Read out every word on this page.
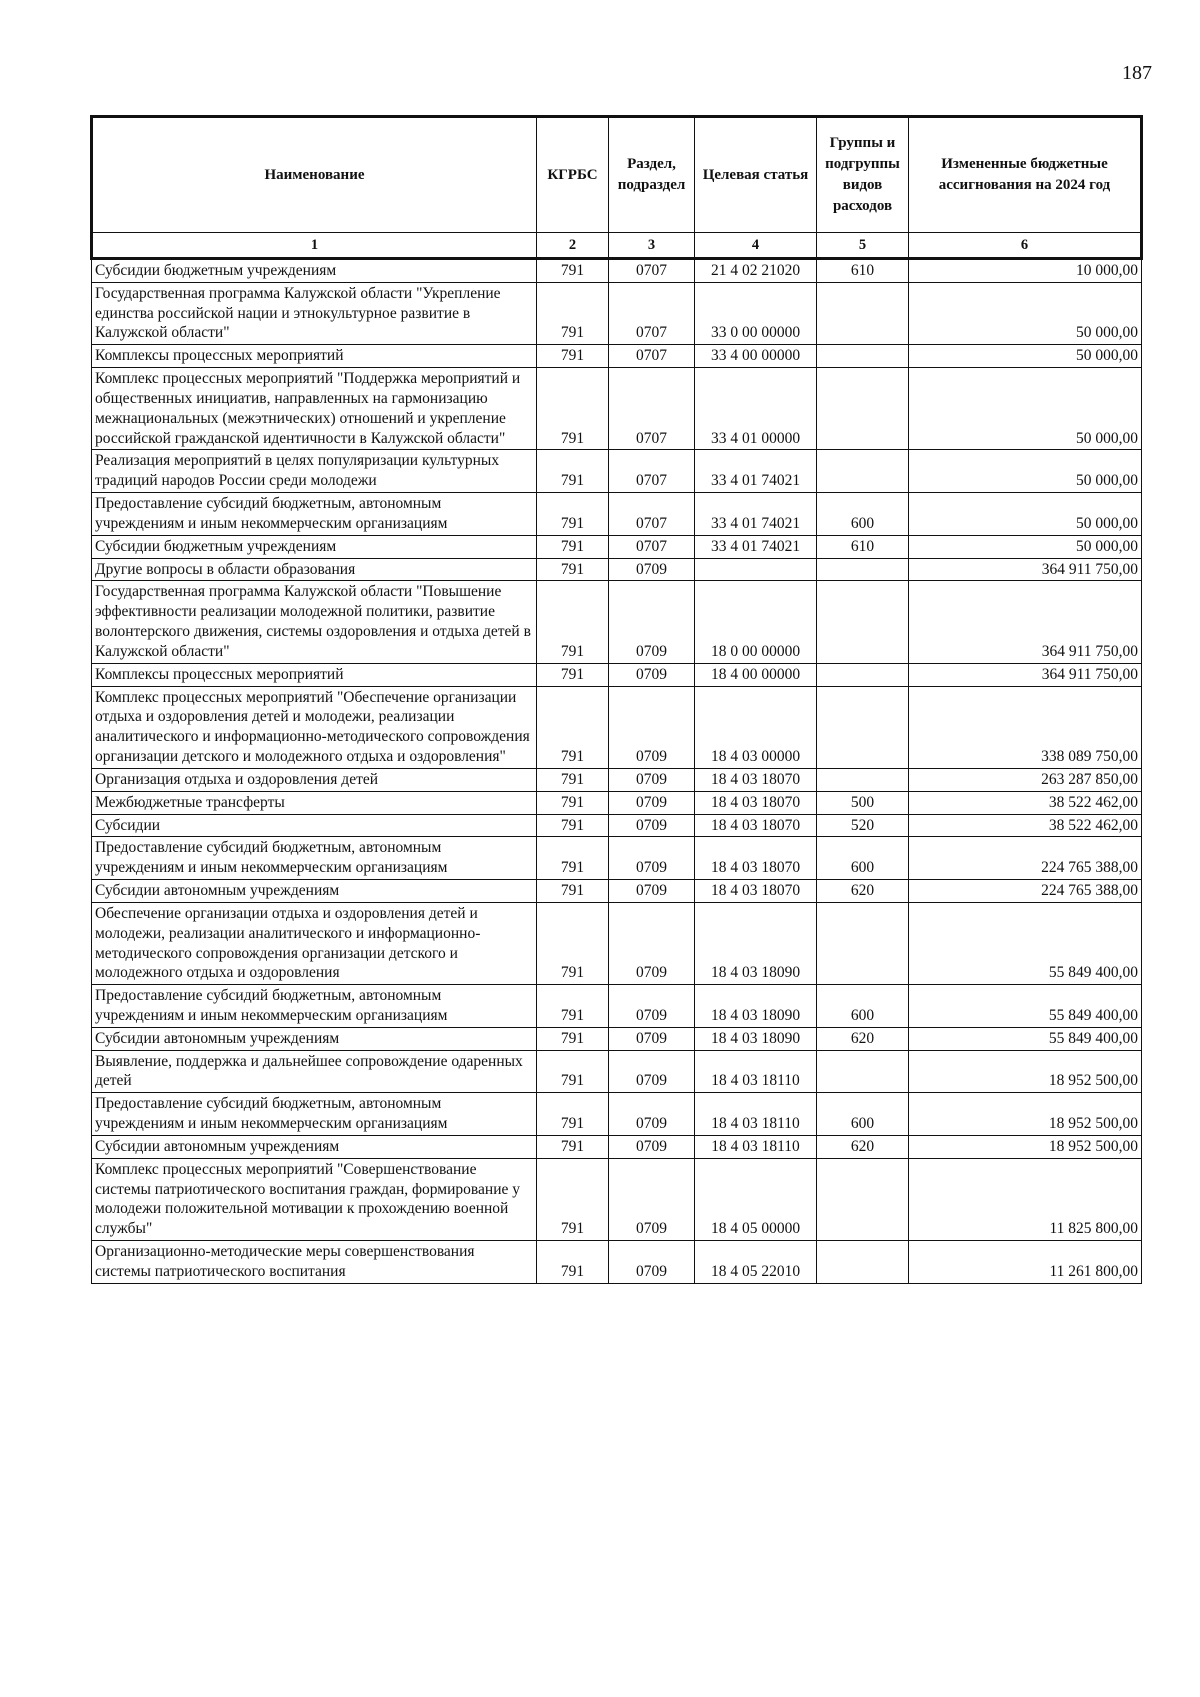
187
Наименование	КГРБС	Раздел, подраздел	Целевая статья	Группы и подгруппы видов расходов	Измененные бюджетные ассигнования на 2024 год
1	2	3	4	5	6
Субсидии бюджетным учреждениям	791	0707	21 4 02 21020	610	10 000,00
Государственная программа Калужской области "Укрепление единства российской нации и этнокультурное развитие в Калужской области"	791	0707	33 0 00 00000		50 000,00
Комплексы процессных мероприятий	791	0707	33 4 00 00000		50 000,00
Комплекс процессных мероприятий "Поддержка мероприятий и общественных инициатив, направленных на гармонизацию межнациональных (межэтнических) отношений и укрепление российской гражданской идентичности в Калужской области"	791	0707	33 4 01 00000		50 000,00
Реализация мероприятий в целях популяризации культурных традиций народов России среди молодежи	791	0707	33 4 01 74021		50 000,00
Предоставление субсидий бюджетным, автономным учреждениям и иным некоммерческим организациям	791	0707	33 4 01 74021	600	50 000,00
Субсидии бюджетным учреждениям	791	0707	33 4 01 74021	610	50 000,00
Другие вопросы в области образования	791	0709			364 911 750,00
Государственная программа Калужской области "Повышение эффективности реализации молодежной политики, развитие волонтерского движения, системы оздоровления и отдыха детей в Калужской области"	791	0709	18 0 00 00000		364 911 750,00
Комплексы процессных мероприятий	791	0709	18 4 00 00000		364 911 750,00
Комплекс процессных мероприятий "Обеспечение организации отдыха и оздоровления детей и молодежи, реализации аналитического и информационно-методического сопровождения организации детского и молодежного отдыха и оздоровления"	791	0709	18 4 03 00000		338 089 750,00
Организация отдыха и оздоровления детей	791	0709	18 4 03 18070		263 287 850,00
Межбюджетные трансферты	791	0709	18 4 03 18070	500	38 522 462,00
Субсидии	791	0709	18 4 03 18070	520	38 522 462,00
Предоставление субсидий бюджетным, автономным учреждениям и иным некоммерческим организациям	791	0709	18 4 03 18070	600	224 765 388,00
Субсидии автономным учреждениям	791	0709	18 4 03 18070	620	224 765 388,00
Обеспечение организации отдыха и оздоровления детей и молодежи, реализации аналитического и информационно-методического сопровождения организации детского и молодежного отдыха и оздоровления	791	0709	18 4 03 18090		55 849 400,00
Предоставление субсидий бюджетным, автономным учреждениям и иным некоммерческим организациям	791	0709	18 4 03 18090	600	55 849 400,00
Субсидии автономным учреждениям	791	0709	18 4 03 18090	620	55 849 400,00
Выявление, поддержка и дальнейшее сопровождение одаренных детей	791	0709	18 4 03 18110		18 952 500,00
Предоставление субсидий бюджетным, автономным учреждениям и иным некоммерческим организациям	791	0709	18 4 03 18110	600	18 952 500,00
Субсидии автономным учреждениям	791	0709	18 4 03 18110	620	18 952 500,00
Комплекс процессных мероприятий "Совершенствование системы патриотического воспитания граждан, формирование у молодежи положительной мотивации к прохождению военной службы"	791	0709	18 4 05 00000		11 825 800,00
Организационно-методические меры совершенствования системы патриотического воспитания	791	0709	18 4 05 22010		11 261 800,00
